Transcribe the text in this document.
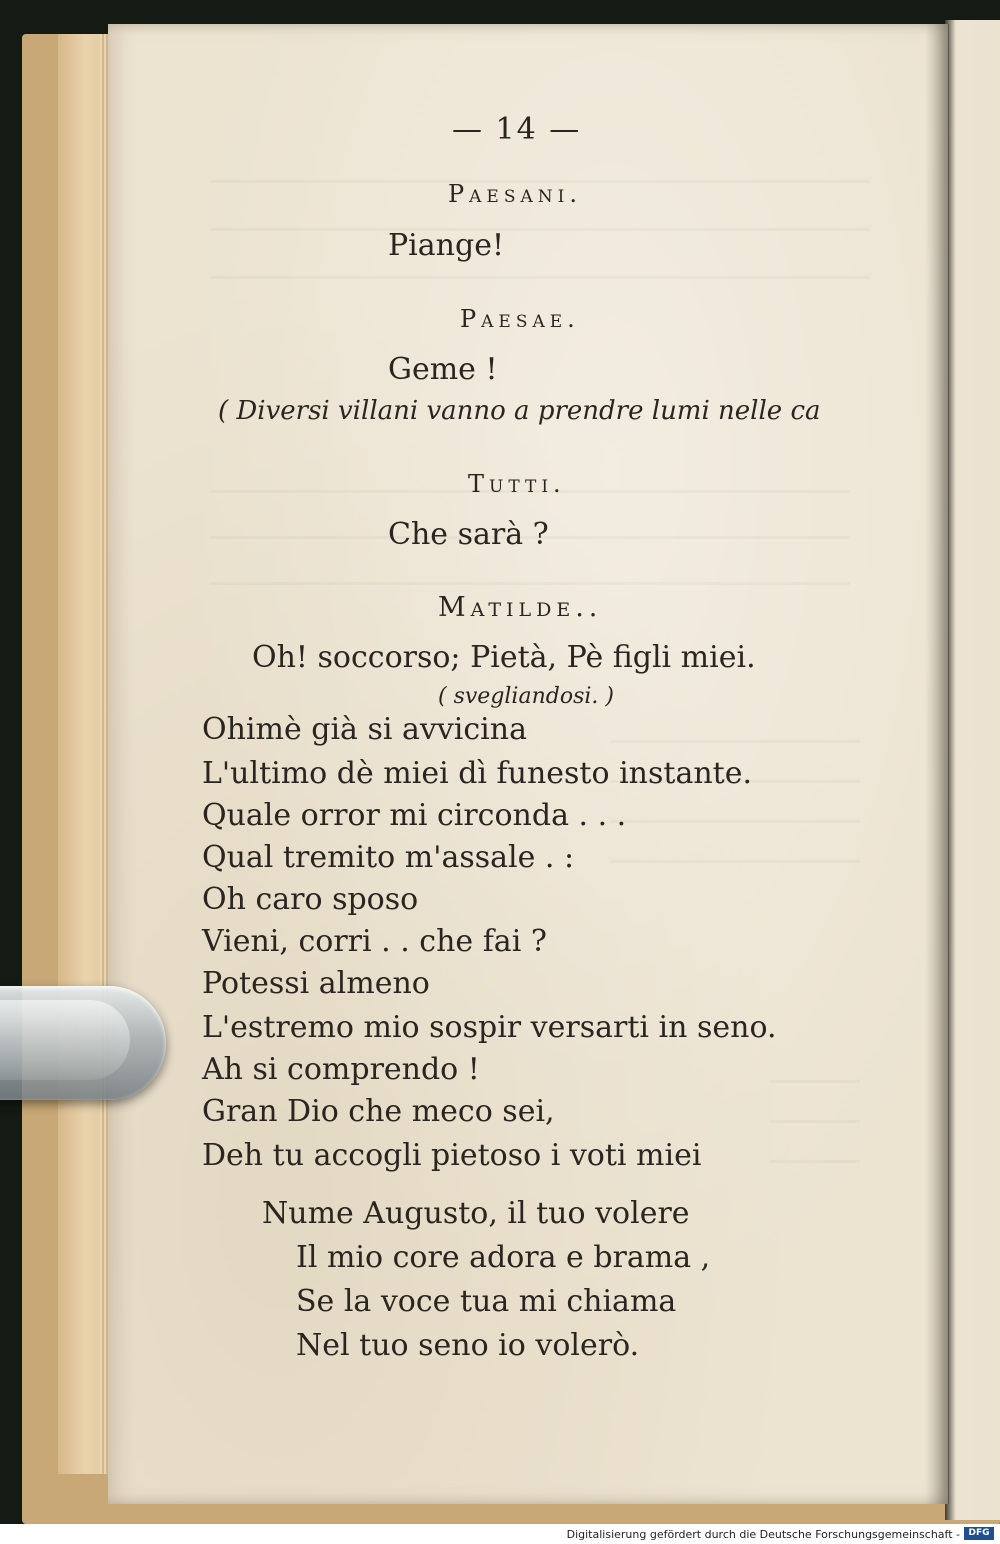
— 14 —
Paesani.
Piange!
Paesae.
Geme !
( Diversi villani vanno a prendre lumi nelle ca
Tutti.
Che sarà ?
Matilde..
Oh! soccorso; Pietà, Pè figli miei.
( svegliandosi. )
Ohimè già si avvicina
L'ultimo dè miei dì funesto instante.
Quale orror mi circonda . . .
Qual tremito m'assale . :
Oh caro sposo
Vieni, corri . . che fai ?
Potessi almeno
L'estremo mio sospir versarti in seno.
Ah si comprendo !
Gran Dio che meco sei,
Deh tu accogli pietoso i voti miei
Nume Augusto, il tuo volere
Il mio core adora e brama ,
Se la voce tua mi chiama
Nel tuo seno io volerò.
Digitalisierung gefördert durch die Deutsche Forschungsgemeinschaft - DFG
